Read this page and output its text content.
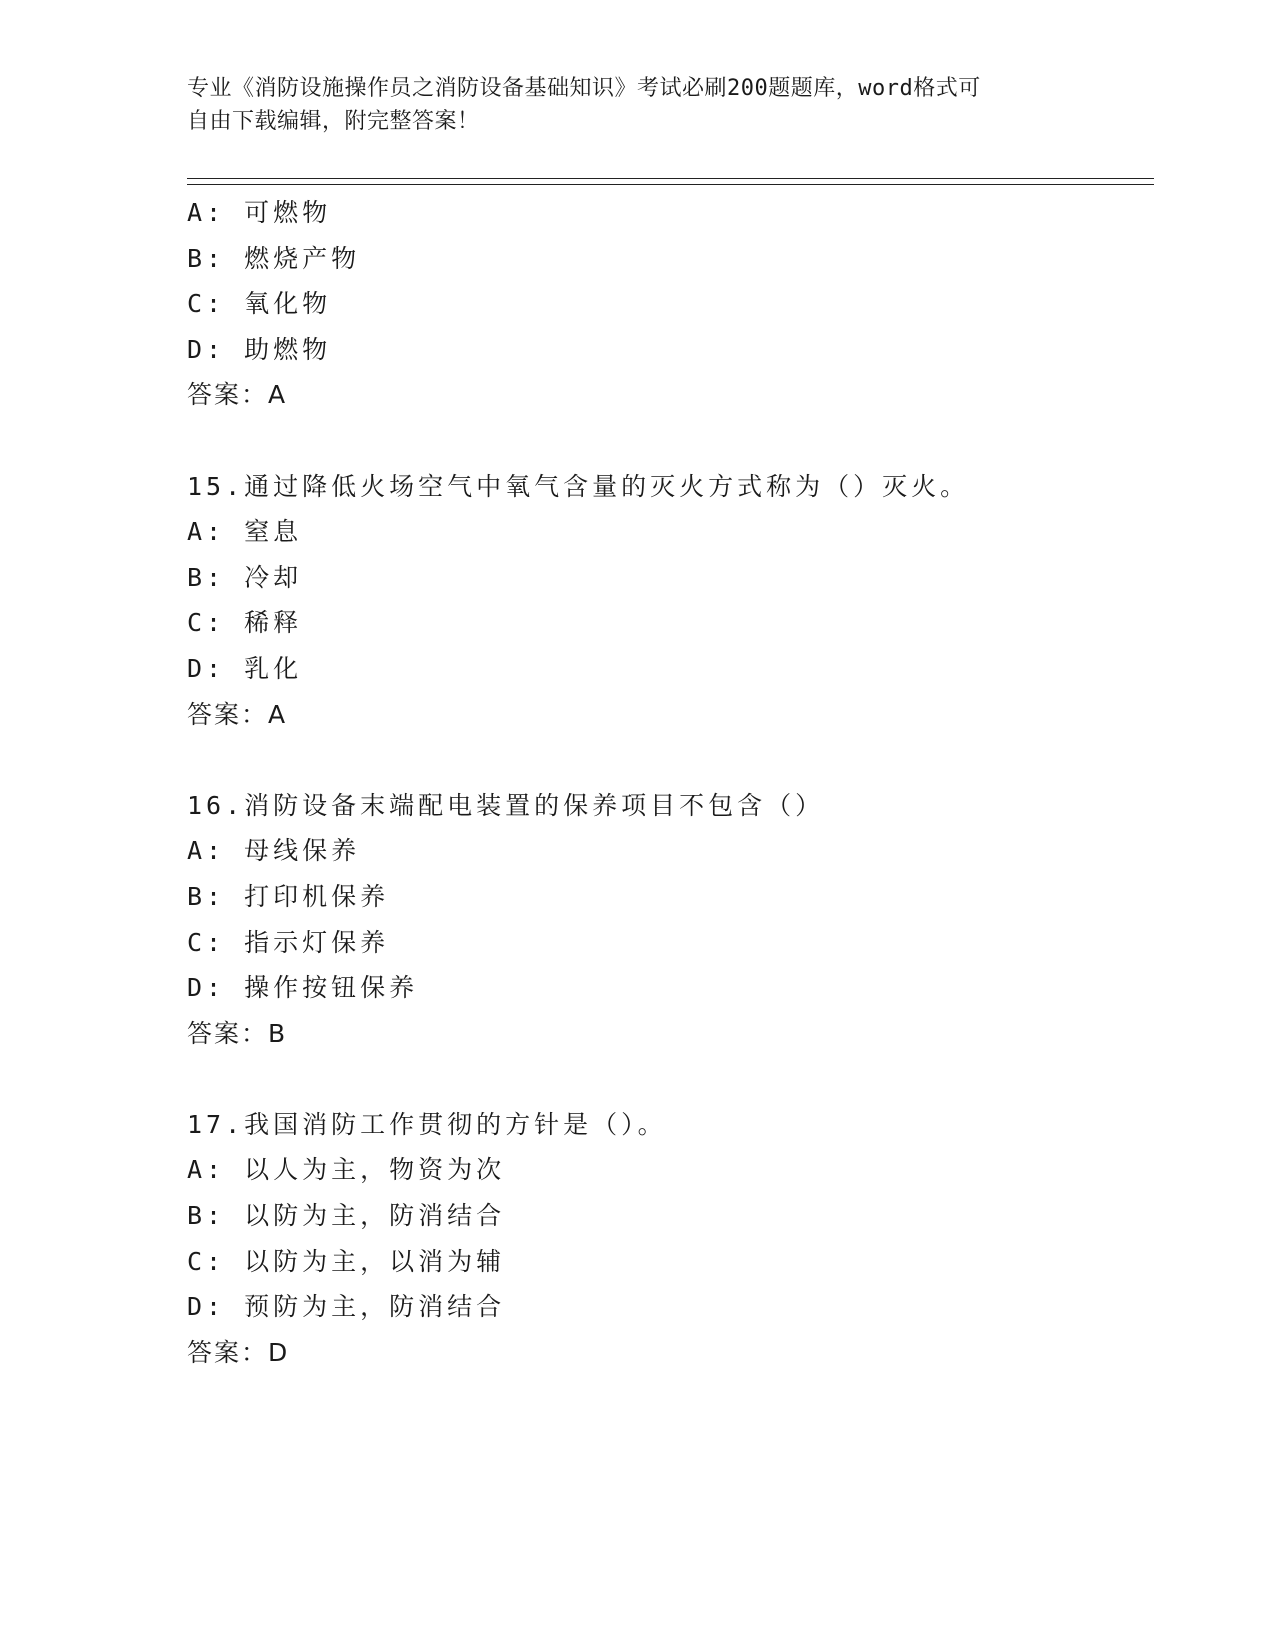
专业《消防设施操作员之消防设备基础知识》考试必刷200题题库，word格式可
自由下载编辑，附完整答案！
A: 可燃物
B: 燃烧产物
C: 氧化物
D: 助燃物
答案：A
15.通过降低火场空气中氧气含量的灭火方式称为（）灭火。
A: 窒息
B: 冷却
C: 稀释
D: 乳化
答案：A
16.消防设备末端配电装置的保养项目不包含（）
A: 母线保养
B: 打印机保养
C: 指示灯保养
D: 操作按钮保养
答案：B
17.我国消防工作贯彻的方针是（）。
A: 以人为主，物资为次
B: 以防为主，防消结合
C: 以防为主，以消为辅
D: 预防为主，防消结合
答案：D
